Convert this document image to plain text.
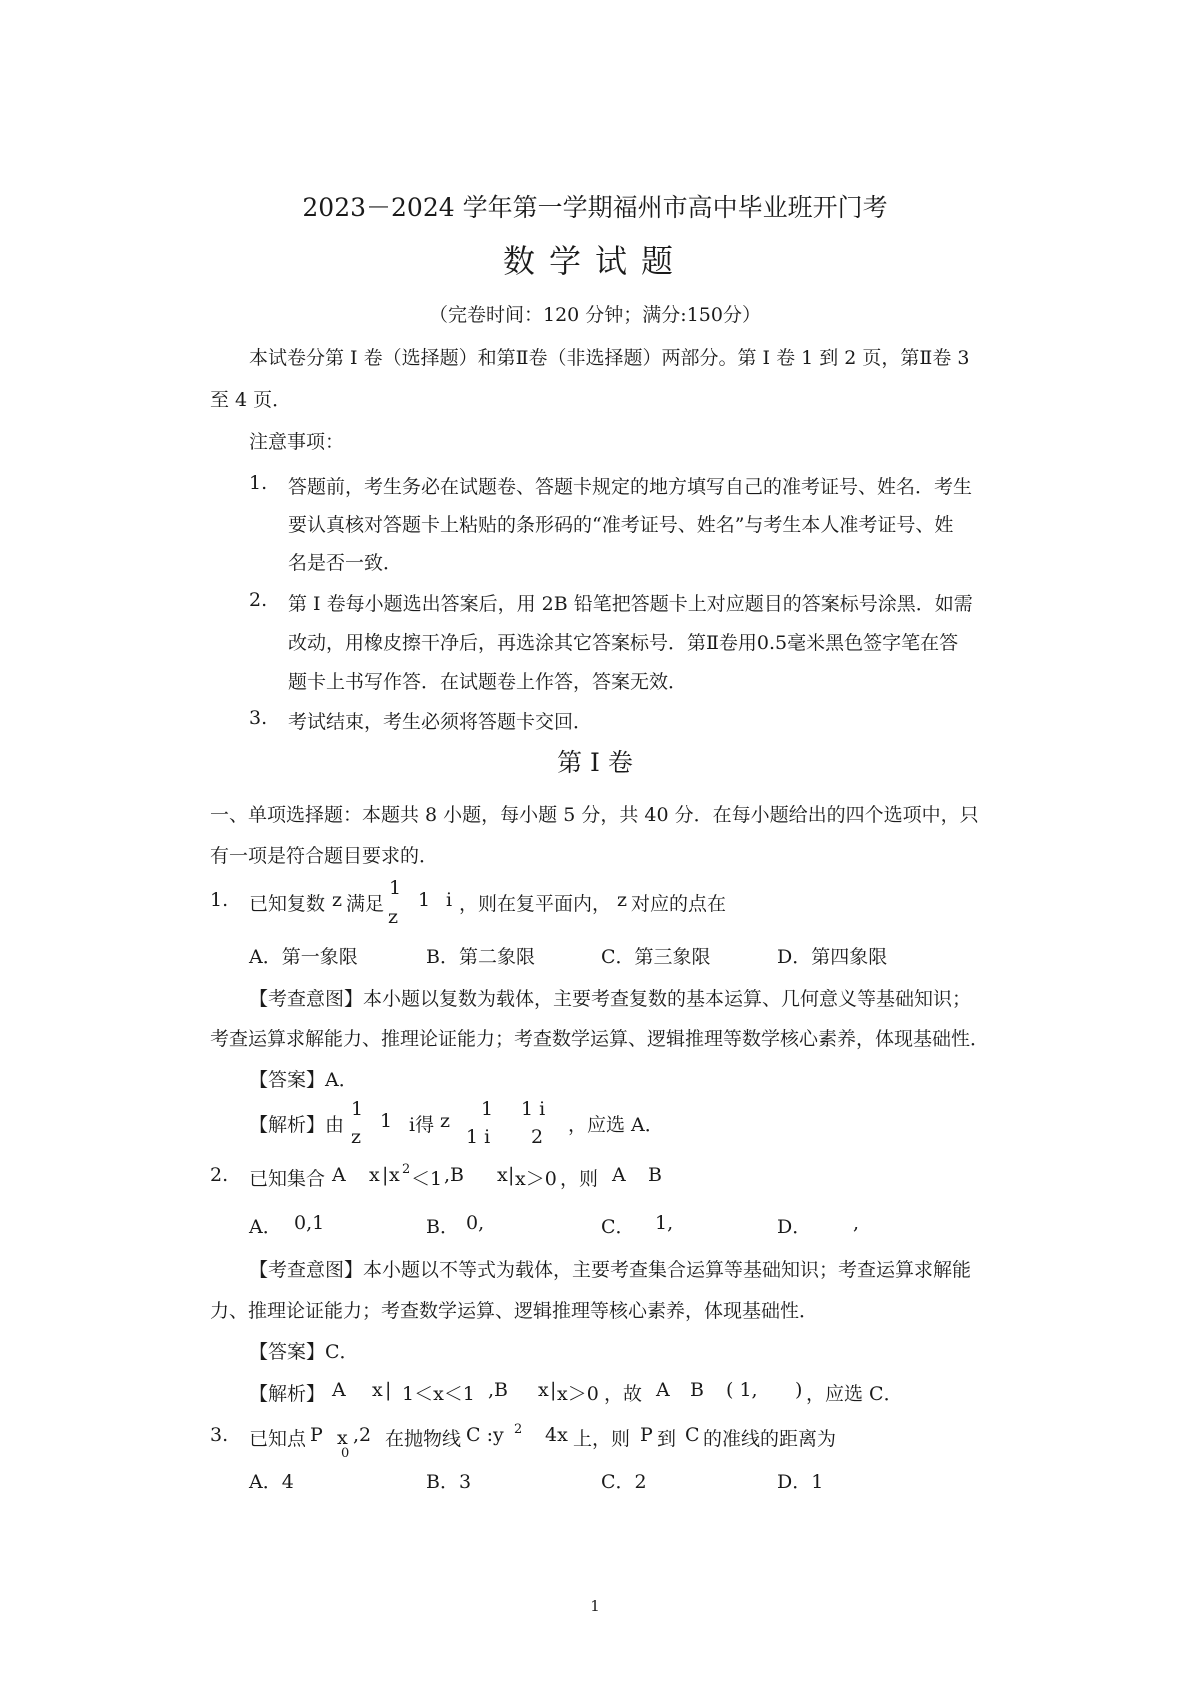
2023－2024 学年第一学期福州市高中毕业班开门考
数学试题
（完卷时间：120 分钟；满分:150分）
本试卷分第 I 卷（选择题）和第Ⅱ卷（非选择题）两部分。第 I 卷 1 到 2 页，第Ⅱ卷 3
至 4 页．
注意事项：
1. 答题前，考生务必在试题卷、答题卡规定的地方填写自己的准考证号、姓名．考生
要认真核对答题卡上粘贴的条形码的“准考证号、姓名”与考生本人准考证号、姓
名是否一致．
2. 第 I 卷每小题选出答案后，用 2B 铅笔把答题卡上对应题目的答案标号涂黑．如需
改动，用橡皮擦干净后，再选涂其它答案标号．第Ⅱ卷用0.5毫米黑色签字笔在答
题卡上书写作答．在试题卷上作答，答案无效．
3. 考试结束，考生必须将答题卡交回．
第 I 卷
一、单项选择题：本题共 8 小题，每小题 5 分，共 40 分．在每小题给出的四个选项中，只
有一项是符合题目要求的．
1. 已知复数 z 满足
1
z
1 i ，则在复平面内， z 对应的点在
A．第一象限	B．第二象限	C．第三象限	D．第四象限
【考查意图】本小题以复数为载体，主要考查复数的基本运算、几何意义等基础知识；
考查运算求解能力、推理论证能力；考查数学运算、逻辑推理等数学核心素养，体现基础性．
【答案】A．
【解析】由
1
z
1 i得 z
1
1 i
1 i
2
，应选 A．
2. 已知集合 A x | x 2 ＜1 ,B x | x＞0 ，则 A B
A． 0,1	B． 0,	C． 1,	D． ,
【考查意图】本小题以不等式为载体，主要考查集合运算等基础知识；考查运算求解能
力、推理论证能力；考查数学运算、逻辑推理等核心素养，体现基础性．
【答案】C．
【解析】 A x | 1＜x＜1 ,B x | x＞0 ，故 A B ( 1, ) ，应选 C．
3. 已知点 P x
0
,2 在抛物线 C :y 2 4x 上，则 P 到 C 的准线的距离为
A．4	B．3	C．2	D．1
1
